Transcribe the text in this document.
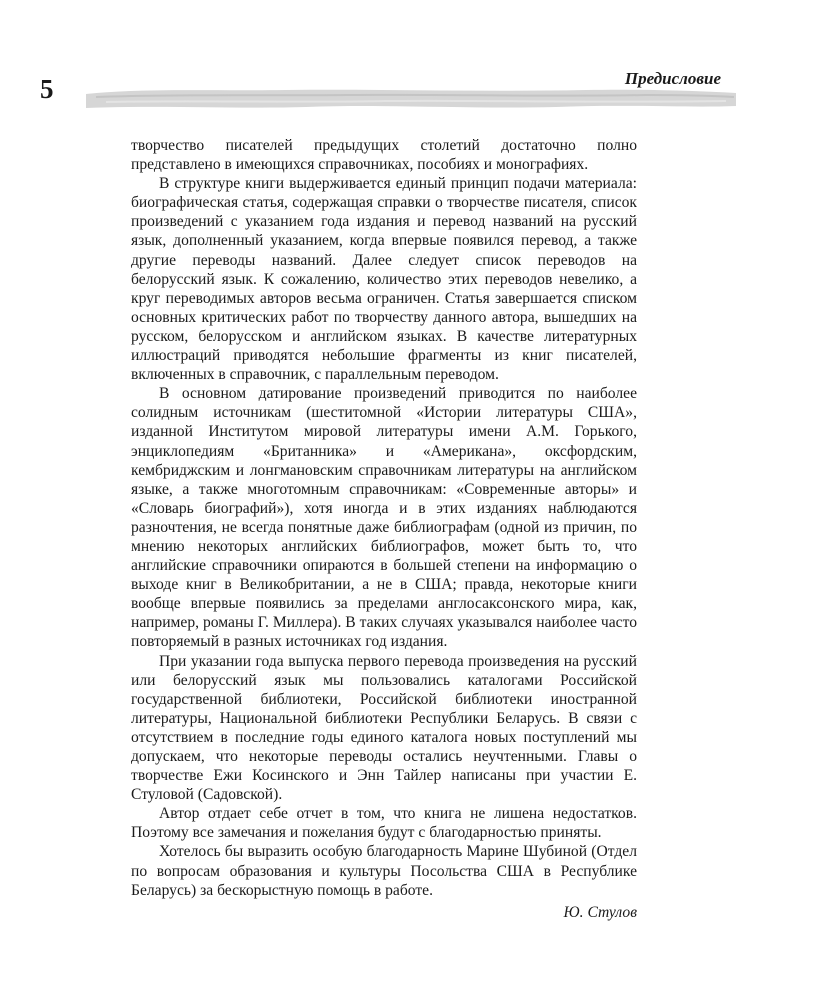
5	Предисловие

творчество писателей предыдущих столетий достаточно полно представлено в имеющихся справочниках, пособиях и монографиях.

В структуре книги выдерживается единый принцип подачи материала: биографическая статья, содержащая справки о творчестве писателя, список произведений с указанием года издания и перевод названий на русский язык, дополненный указанием, когда впервые появился перевод, а также другие переводы названий. Далее следует список переводов на белорусский язык. К сожалению, количество этих переводов невелико, а круг переводимых авторов весьма ограничен. Статья завершается списком основных критических работ по творчеству данного автора, вышедших на русском, белорусском и английском языках. В качестве литературных иллюстраций приводятся небольшие фрагменты из книг писателей, включенных в справочник, с параллельным переводом.

В основном датирование произведений приводится по наиболее солидным источникам (шеститомной «Истории литературы США», изданной Институтом мировой литературы имени А.М. Горького, энциклопедиям «Британника» и «Американа», оксфордским, кембриджским и лонгмановским справочникам литературы на английском языке, а также многотомным справочникам: «Современные авторы» и «Словарь биографий»), хотя иногда и в этих изданиях наблюдаются разночтения, не всегда понятные даже библиографам (одной из причин, по мнению некоторых английских библиографов, может быть то, что английские справочники опираются в большей степени на информацию о выходе книг в Великобритании, а не в США; правда, некоторые книги вообще впервые появились за пределами англосаксонского мира, как, например, романы Г. Миллера). В таких случаях указывался наиболее часто повторяемый в разных источниках год издания.

При указании года выпуска первого перевода произведения на русский или белорусский язык мы пользовались каталогами Российской государственной библиотеки, Российской библиотеки иностранной литературы, Национальной библиотеки Республики Беларусь. В связи с отсутствием в последние годы единого каталога новых поступлений мы допускаем, что некоторые переводы остались неучтенными. Главы о творчестве Ежи Косинского и Энн Тайлер написаны при участии Е. Стуловой (Садовской).

Автор отдает себе отчет в том, что книга не лишена недостатков. Поэтому все замечания и пожелания будут с благодарностью приняты.

Хотелось бы выразить особую благодарность Марине Шубиной (Отдел по вопросам образования и культуры Посольства США в Республике Беларусь) за бескорыстную помощь в работе.

Ю. Стулов
